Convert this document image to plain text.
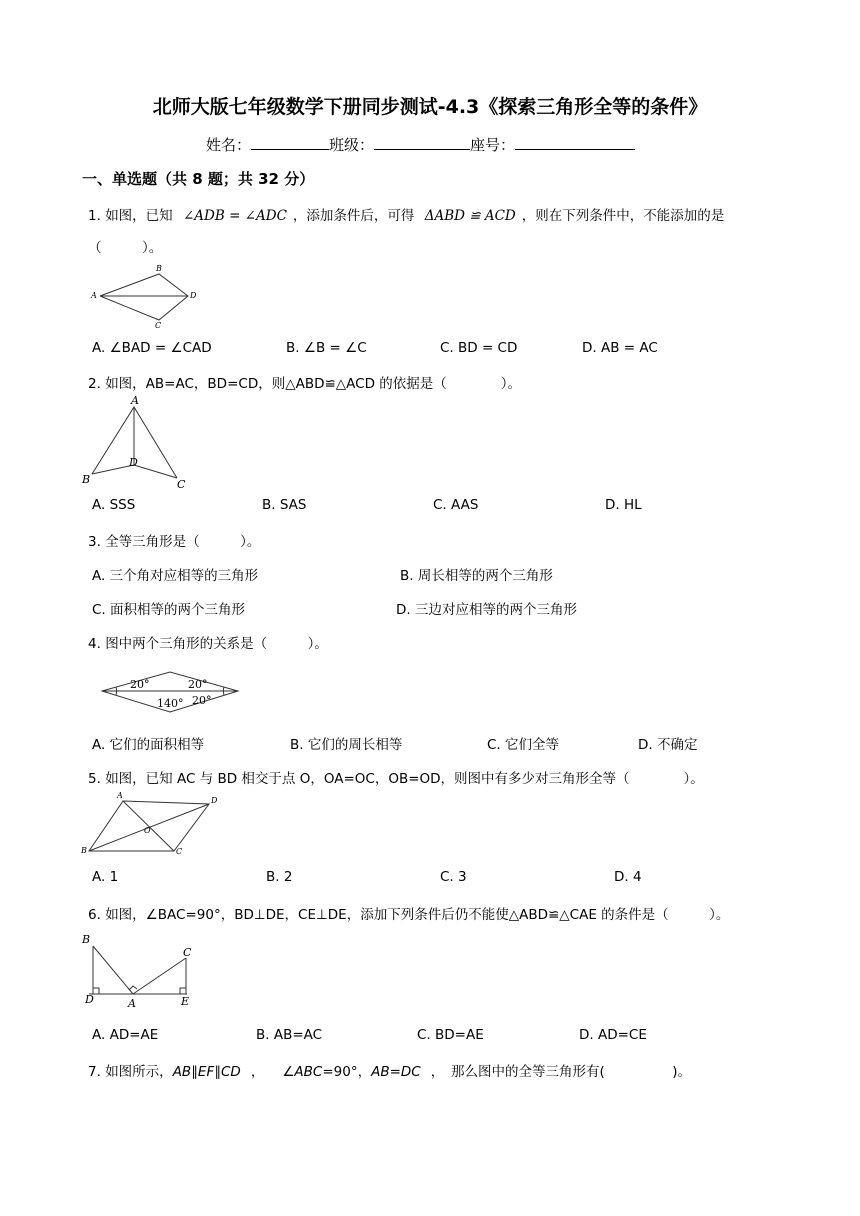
北师大版七年级数学下册同步测试-4.3《探索三角形全等的条件》
姓名：	班级：	座号：
一、单选题（共 8 题；共 32 分）
1. 如图，已知 ∠ADB = ∠ADC ，添加条件后，可得 ΔABD ≌ ACD ，则在下列条件中，不能添加的是
（　　　）。
A
B
D
C
A. ∠BAD = ∠CAD	B. ∠B = ∠C	C. BD = CD	D. AB = AC
2. 如图，AB=AC，BD=CD，则△ABD≌△ACD 的依据是（　　　　）。
A
B
D
C
A. SSS	B. SAS	C. AAS	D. HL
3. 全等三角形是（　　　）。
A. 三个角对应相等的三角形	B. 周长相等的两个三角形
C. 面积相等的两个三角形	D. 三边对应相等的两个三角形
4. 图中两个三角形的关系是（　　　）。
20°	20°
140° 20°
A. 它们的面积相等	B. 它们的周长相等	C. 它们全等	D. 不确定
5. 如图，已知 AC 与 BD 相交于点 O，OA=OC，OB=OD，则图中有多少对三角形全等（　　　　）。
A
D
B	C
O
A. 1	B. 2	C. 3	D. 4
6. 如图，∠BAC=90°，BD⊥DE，CE⊥DE，添加下列条件后仍不能使△ABD≌△CAE 的条件是（　　　）。
B
C
D	A	E
A. AD=AE	B. AB=AC	C. BD=AE	D. AD=CE
7. 如图所示，AB∥EF∥CD ， ∠ABC=90°，AB=DC ，　那么图中的全等三角形有(　　　　　)。
